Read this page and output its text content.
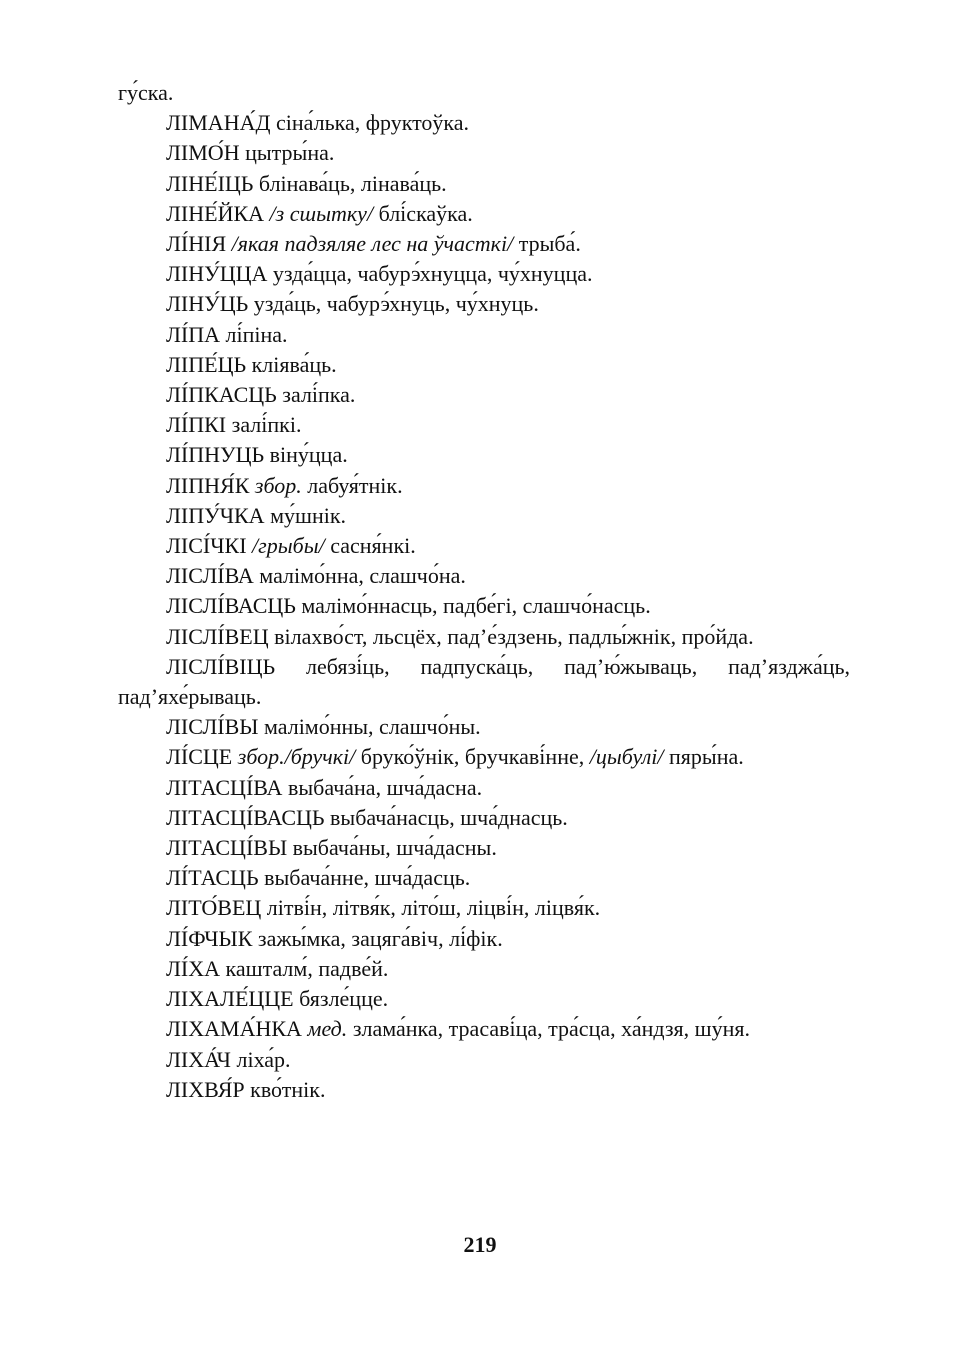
гу́ска.

ЛІМАНА́Д сіна́лька, фруктоўка.

ЛІМО́Н цытры́на.

ЛІНЕ́ІЦЬ блінава́ць, лінава́ць.

ЛІНЕ́ЙКА /з сшытку/ блі́скаўка.

ЛІ́НІЯ /якая падзяляе лес на ўчасткі/ трыба́.

ЛІНУ́ЦЦА узда́цца, чабурэ́хнуцца, чу́хнуцца.

ЛІНУ́ЦЬ узда́ць, чабурэ́хнуць, чу́хнуць.

ЛІ́ПА лі́піна.

ЛІПЕ́ЦЬ кліява́ць.

ЛІ́ПКАСЦЬ залі́пка.

ЛІ́ПКІ залі́пкі.

ЛІ́ПНУЦЬ віну́цца.

ЛІПНЯ́К збор. лабуя́тнік.

ЛІПУ́ЧКА му́шнік.

ЛІСІ́ЧКІ /грыбы/ сасня́нкі.

ЛІСЛІ́ВА малімо́нна, слашчо́на.

ЛІСЛІ́ВАСЦЬ малімо́ннасць, падбе́гі, слашчо́насць.

ЛІСЛІ́ВЕЦ вілахво́ст, льсцёх, пад’е́здзень, падлы́жнік, про́йда.

ЛІСЛІ́ВІЦЬ лебязі́ць, падпуска́ць, пад’ю́жываць, пад’язджа́ць, пад’яхе́рываць.

ЛІСЛІ́ВЫ малімо́нны, слашчо́ны.

ЛІ́СЦЕ збор./бручкі/ бруко́ўнік, бручкаві́нне, /цыбулі/ пяры́на.

ЛІТАСЦІ́ВА выбача́на, шча́дасна.

ЛІТАСЦІ́ВАСЦЬ выбача́насць, шча́днасць.

ЛІТАСЦІ́ВЫ выбача́ны, шча́дасны.

ЛІ́ТАСЦЬ выбача́нне, шча́дасць.

ЛІТО́ВЕЦ літві́н, літвя́к, літо́ш, ліцві́н, ліцвя́к.

ЛІ́ФЧЫК зажы́мка, зацяга́віч, лі́фік.

ЛІ́ХА кашталм́, падве́й.

ЛІХАЛЕ́ЦЦЕ бязле́цце.

ЛІХАМА́НКА мед. злама́нка, трасаві́ца, тра́сца, ха́ндзя, шу́ня.

ЛІХА́Ч ліха́р.

ЛІХВЯ́Р кво́тнік.

219
